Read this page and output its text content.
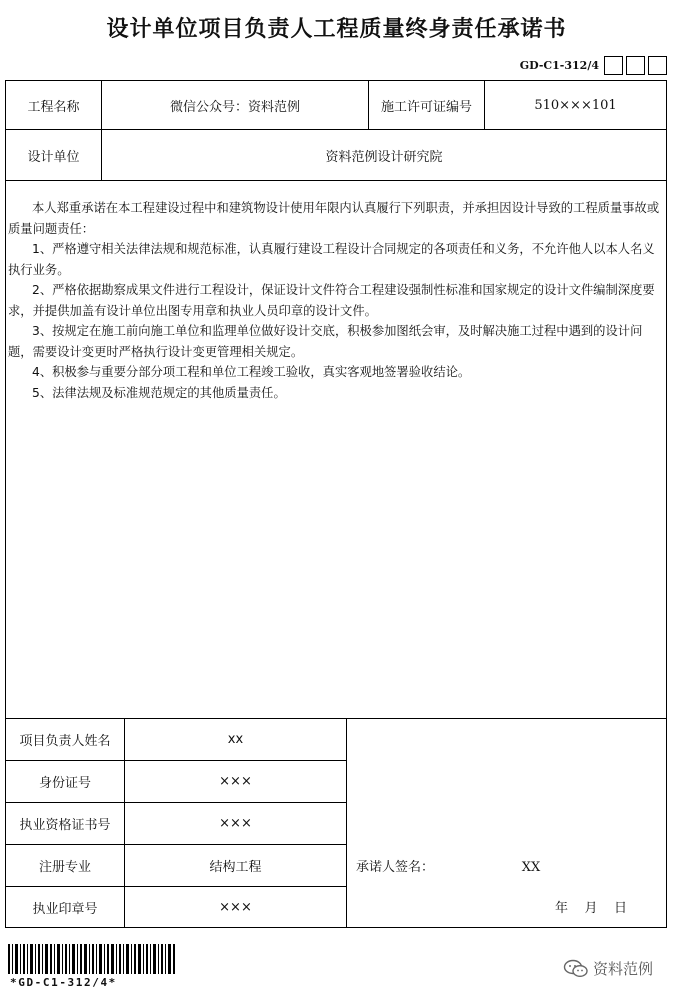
设计单位项目负责人工程质量终身责任承诺书
GD-C1-312/4
工程名称	微信公众号：资料范例	施工许可证编号	510×××101
设计单位	资料范例设计研究院

本人郑重承诺在本工程建设过程中和建筑物设计使用年限内认真履行下列职责，并承担因设计导致的工程质量事故或质量问题责任：

1、严格遵守相关法律法规和规范标准，认真履行建设工程设计合同规定的各项责任和义务，不允许他人以本人名义执行业务。

2、严格依据勘察成果文件进行工程设计，保证设计文件符合工程建设强制性标准和国家规定的设计文件编制深度要求，并提供加盖有设计单位出图专用章和执业人员印章的设计文件。

3、按规定在施工前向施工单位和监理单位做好设计交底，积极参加图纸会审，及时解决施工过程中遇到的设计问题，需要设计变更时严格执行设计变更管理相关规定。

4、积极参与重要分部分项工程和单位工程竣工验收，真实客观地签署验收结论。

5、法律法规及标准规范规定的其他质量责任。

项目负责人姓名	xx
身份证号	×××
执业资格证书号	×××
注册专业	结构工程
执业印章号	×××
承诺人签名：	XX
年    月    日
*GD-C1-312/4*
资料范例
